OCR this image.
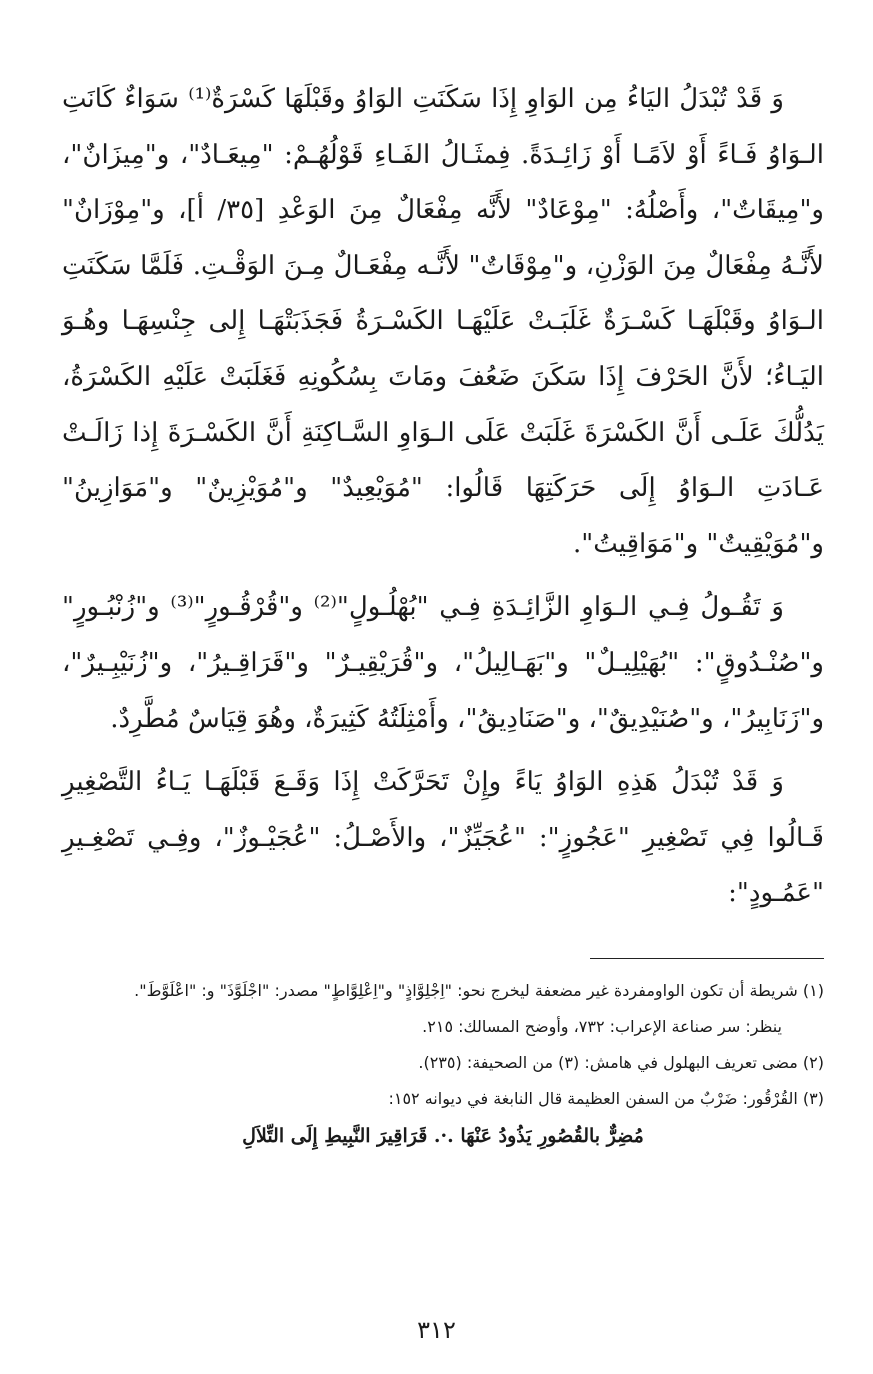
وَ قَدْ تُبْدَلُ اليَاءُ مِن الوَاوِ إِذَا سَكَنَتِ الوَاوُ وقَبْلَهَا كَسْرَةٌ⁽¹⁾ سَوَاءٌ كَانَتِ الـوَاوُ فَـاءً أَوْ لاَمًـا أَوْ زَائِـدَةً. فِمثَـالُ الفَـاءِ قَوْلُهُـمْ: "مِيعَـادٌ"، و"مِيزَانٌ"، و"مِيقَاتٌ"، وأَصْلُهُ: "مِوْعَادٌ" لأَنَّه مِفْعَالٌ مِنَ الوَعْدِ [٣٥/ أ]، و"مِوْزَانٌ" لأَنَّـهُ مِفْعَالٌ مِنَ الوَزْنِ، و"مِوْقَاتٌ" لأَنَّـه مِفْعَـالٌ مِـنَ الوَقْـتِ. فَلَمَّا سَكَنَتِ الـوَاوُ وقَبْلَهَـا كَسْـرَةٌ غَلَبَـتْ عَلَيْهَـا الكَسْـرَةُ فَجَذَبَتْهَـا إِلى جِنْسِهَـا وهُـوَ اليَـاءُ؛ لأَنَّ الحَرْفَ إِذَا سَكَنَ ضَعُفَ ومَاتَ بِسُكُونِهِ فَغَلَبَتْ عَلَيْهِ الكَسْرَةُ، يَدُلُّكَ عَلَـى أَنَّ الكَسْرَةَ غَلَبَتْ عَلَى الـوَاوِ السَّـاكِنَةِ أَنَّ الكَسْـرَةَ إِذا زَالَـتْ عَـادَتِ الـوَاوُ إِلَى حَرَكَتِهَا قَالُوا: "مُوَيْعِيدٌ" و"مُوَيْزِينٌ" و"مَوَازِينُ" و"مُوَيْقِيتٌ" و"مَوَاقِيتُ".

وَ تَقُـولُ فِـي الـوَاوِ الزَّائِـدَةِ فِـي "بُهْلُـولٍ"⁽²⁾ و"قُرْقُـورٍ"⁽³⁾ و"زُنْبُـورٍ" و"صُنْـدُوقٍ": "بُهَيْلِيـلٌ" و"بَهَـالِيلُ"، و"قُرَيْقِيـرٌ" و"قَرَاقِـيرُ"، و"زُنَيْبِـيرٌ"، و"زَنَابِيرُ"، و"صُنَيْدِيقٌ"، و"صَنَادِيقُ"، وأَمْثِلَتُهُ كَثِيرَةٌ، وهُوَ قِيَاسٌ مُطَّرِدٌ.

وَ قَدْ تُبْدَلُ هَذِهِ الوَاوُ يَاءً وإِنْ تَحَرَّكَتْ إِذَا وَقَـعَ قَبْلَهَـا يَـاءُ التَّصْغِيرِ قَـالُوا فِي تَصْغِيرِ "عَجُوزٍ": "عُجَيِّزٌ"، والأَصْـلُ: "عُجَيْـوزٌ"، وفِـي تَصْغِـيرِ "عَمُـودٍ":

(١) شريطة أن تكون الواومفردة غير مضعفة ليخرج نحو: "اِجْلِوَّاذٍ" و"اِعْلِوَّاطٍ" مصدر: "اجْلَوَّذَ" و: "اعْلَوَّطَ".

ينظر: سر صناعة الإعراب: ٧٣٢، وأوضح المسالك: ٢١٥.

(٢) مضى تعريف البهلول في هامش: (٣) من الصحيفة: (٢٣٥).

(٣) القُرْقُور: ضَرْبٌ من السفن العظيمة قال النابغة في ديوانه ١٥٢:

مُضِرٌّ بالقُصُورِ يَذُودُ عَنْهَا .·. قَرَاقِيرَ النَّبِيطِ إِلَى التِّلاَلِ

٣١٢
